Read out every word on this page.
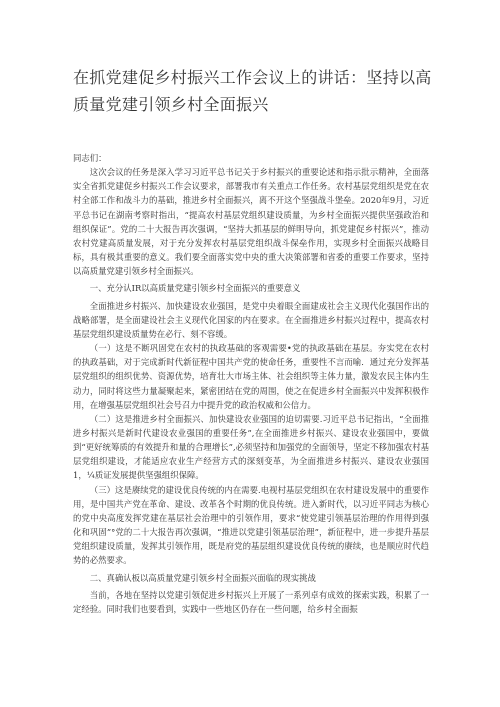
在抓党建促乡村振兴工作会议上的讲话：坚持以高质量党建引领乡村全面振兴

同志们：

这次会议的任务是深入学习习近平总书记关于乡村振兴的重要论述和指示批示精神，全面落实全省抓党建促乡村振兴工作会议要求，部署我市有关重点工作任务。农村基层党组织是党在农村全部工作和战斗力的基础，推进乡村全面振兴，离不开这个坚强战斗堡垒。2020年9月，习近平总书记在湖南考察时指出，“提高农村基层党组织建设质量，为乡村全面振兴提供坚强政治和组织保证”。党的二十大报告再次强调，“坚持大抓基层的鲜明导向，抓党建促乡村振兴”，推动农村党建高质量发展，对于充分发挥农村基层党组织战斗保垒作用，实现乡村全面振兴战略目标，具有极其重要的意义。我们要全面落实党中央的重大决策部署和省委的重要工作要求，坚持以高质量党建引领乡村全面振兴。

一、充分认IR以高质量党建引领乡村全面振兴的重要意义

全面推进乡村振兴、加快建设农业强国，是党中央着眼全面建成社会主义现代化强国作出的战略部署，是全面建设社会主义现代化国家的内在要求。在全面推进乡村振兴过程中，提高农村基层党组织建设质量势在必行、刻不容缓。

（一）这是不断巩固党在农村的执政基础的客观需要•党的执政基础在基层。夯实党在农村的执政基础，对于完成新时代新征程中国共产党的使命任务，重要性不言而喻．通过充分发挥基层党组织的组织优势、资源优势，培育壮大市场主体、社会组织等主体力量，激发农民主体内生动力，同时将这些力量凝聚起来，紧密团结在党的周围，使之在促进乡村全面振兴中发挥积极作用，在增强基层党组织社会号召力中提升党的政治权威和公信力。

（二）这是推进乡村全面振兴、加快建设农业强国的迫切需要.习近平总书记指出，“全面推进乡村振兴是新时代建设农业强国的重要任务”,在全面推进乡村振兴、建设农业强国中，要做到“更好统筹质的有效提升和量的合理增长”,必须坚持和加强党的全面领导，坚定不移加强农村基层党组织建设，才能适应农业生产经营方式的深刻变革，为全面推进乡村振兴、建设农业强国1，¼质证发展提供坚强组织保障。

（三）这是赓续党的建设优良传统的内在需要.电视村基层党组织在农村建设发展中的重要作用，是中国共产党在革命、建设、改革各个时期的优良传统。进入新时代，以习近平同志为核心的党中央高度发挥党建在基层社会治理中的引领作用，要求“使党建引领基层治理的作用得到强化和巩固”°党的二十大报告再次强调，“推进以党建引领基层治理”，新征程中，进一步提升基层党组织建设质量，发挥其引领作用，既是府党的基层组织建设优良传统的赓续，也是顺应时代趋势的必然要求。

二、真确认板以高质量党建引领乡村全面振兴面临的现实挑战

当前，各地在坚持以党建引领促进乡村振兴上开展了一系列卓有成效的探索实践，积累了一定经验。同时我们也要看到，实践中一些地区仍存在一些问题，给乡村全面振
